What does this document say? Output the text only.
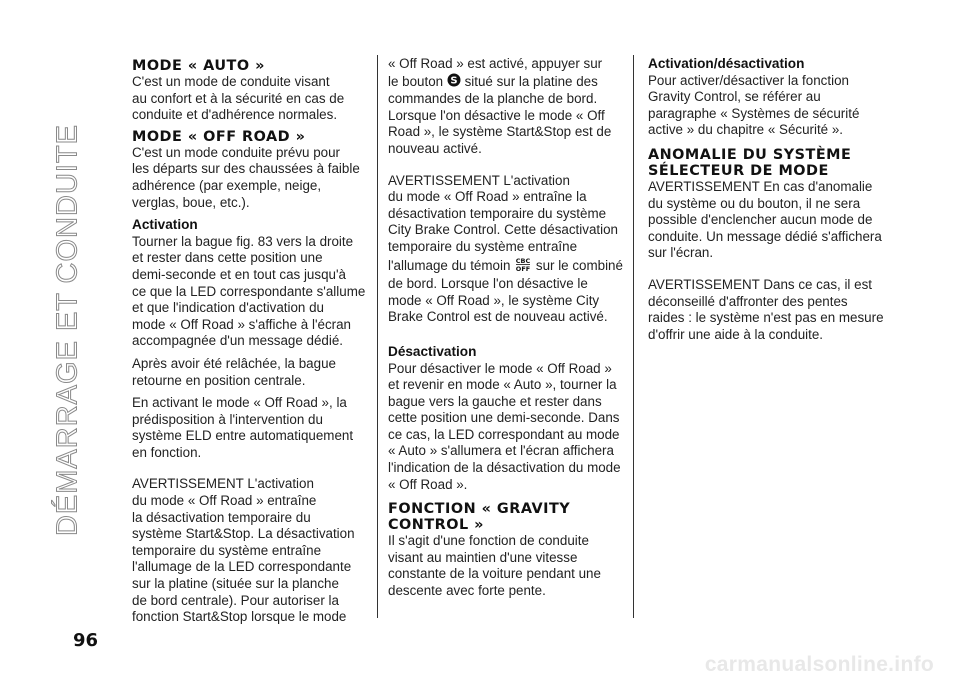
DÉMARRAGE ET CONDUITE
MODE « AUTO »

C'est un mode de conduite visant
au confort et à la sécurité en cas de
conduite et d'adhérence normales.

MODE « OFF ROAD »

C'est un mode conduite prévu pour
les départs sur des chaussées à faible
adhérence (par exemple, neige,
verglas, boue, etc.).

Activation

Tourner la bague fig. 83 vers la droite
et rester dans cette position une
demi-seconde et en tout cas jusqu'à
ce que la LED correspondante s'allume
et que l'indication d'activation du
mode « Off Road » s'affiche à l'écran
accompagnée d'un message dédié.

Après avoir été relâchée, la bague
retourne en position centrale.

En activant le mode « Off Road », la
prédisposition à l'intervention du
système ELD entre automatiquement
en fonction.

AVERTISSEMENT L'activation
du mode « Off Road » entraîne
la désactivation temporaire du
système Start&Stop. La désactivation
temporaire du système entraîne
l'allumage de la LED correspondante
sur la platine (située sur la planche
de bord centrale). Pour autoriser la
fonction Start&Stop lorsque le mode

« Off Road » est activé, appuyer sur
le bouton S situé sur la platine des
commandes de la planche de bord.
Lorsque l'on désactive le mode « Off
Road », le système Start&Stop est de
nouveau activé.

AVERTISSEMENT L'activation
du mode « Off Road » entraîne la
désactivation temporaire du système
City Brake Control. Cette désactivation
temporaire du système entraîne
l'allumage du témoin CBC
OFF sur le combiné
de bord. Lorsque l'on désactive le
mode « Off Road », le système City
Brake Control est de nouveau activé.

Désactivation

Pour désactiver le mode « Off Road »
et revenir en mode « Auto », tourner la
bague vers la gauche et rester dans
cette position une demi-seconde. Dans
ce cas, la LED correspondant au mode
« Auto » s'allumera et l'écran affichera
l'indication de la désactivation du mode
« Off Road ».

FONCTION « GRAVITY
CONTROL »

Il s'agit d'une fonction de conduite
visant au maintien d'une vitesse
constante de la voiture pendant une
descente avec forte pente.

Activation/désactivation

Pour activer/désactiver la fonction
Gravity Control, se référer au
paragraphe « Systèmes de sécurité
active » du chapitre « Sécurité ».

ANOMALIE DU SYSTÈME
SÉLECTEUR DE MODE

AVERTISSEMENT En cas d'anomalie
du système ou du bouton, il ne sera
possible d'enclencher aucun mode de
conduite. Un message dédié s'affichera
sur l'écran.

AVERTISSEMENT Dans ce cas, il est
déconseillé d'affronter des pentes
raides : le système n'est pas en mesure
d'offrir une aide à la conduite.

96
carmanualsonline.info
